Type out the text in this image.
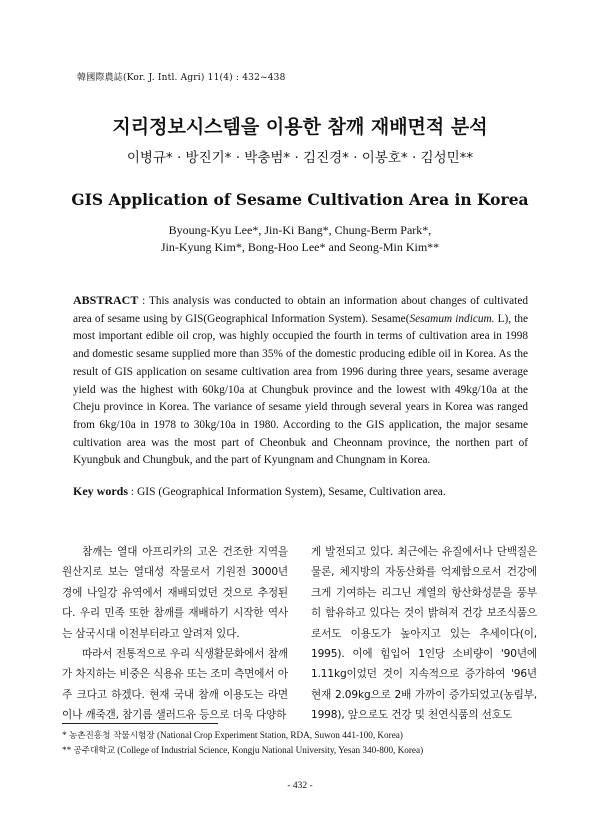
韓國際農誌(Kor. J. Intl. Agri) 11(4) : 432~438
지리정보시스템을 이용한 참깨 재배면적 분석
이병규* · 방진기* · 박충범* · 김진경* · 이봉호* · 김성민**
GIS Application of Sesame Cultivation Area in Korea
Byoung-Kyu Lee*, Jin-Ki Bang*, Chung-Berm Park*,
Jin-Kyung Kim*, Bong-Hoo Lee* and Seong-Min Kim**
ABSTRACT : This analysis was conducted to obtain an information about changes of cultivated area of sesame using by GIS(Geographical Information System). Sesame(Sesamum indicum. L), the most important edible oil crop, was highly occupied the fourth in terms of cultivation area in 1998 and domestic sesame supplied more than 35% of the domestic producing edible oil in Korea. As the result of GIS application on sesame cultivation area from 1996 during three years, sesame average yield was the highest with 60kg/10a at Chungbuk province and the lowest with 49kg/10a at the Cheju province in Korea. The variance of sesame yield through several years in Korea was ranged from 6kg/10a in 1978 to 30kg/10a in 1980. According to the GIS application, the major sesame cultivation area was the most part of Cheonbuk and Cheonnam province, the northen part of Kyungbuk and Chungbuk, and the part of Kyungnam and Chungnam in Korea.
Key words : GIS (Geographical Information System), Sesame, Cultivation area.

참깨는 열대 아프리카의 고온 건조한 지역을 원산지로 보는 열대성 작물로서 기원전 3000년 경에 나일강 유역에서 재배되었던 것으로 추정된다. 우리 민족 또한 참깨를 재배하기 시작한 역사는 삼국시대 이전부터라고 알려져 있다.

따라서 전통적으로 우리 식생활문화에서 참깨가 차지하는 비중은 식용유 또는 조미 측면에서 아주 크다고 하겠다. 현재 국내 참깨 이용도는 라면이나 깨죽갠, 참기름 샐러드유 등으로 더욱 다양하

게 발전되고 있다. 최근에는 유질에서나 단백질은 물론, 체지방의 자동산화를 억제함으로서 건강에 크게 기여하는 리그닌 계열의 항산화성분을 풍부히 함유하고 있다는 것이 밝혀져 건강 보조식품으로서도 이용도가 높아지고 있는 추세이다(이, 1995). 이에 힘입어 1인당 소비량이 '90년에 1.11kg이었던 것이 지속적으로 증가하여 '96년 현재 2.09kg으로 2배 가까이 증가되었고(농림부, 1998), 앞으로도 건강 및 천연식품의 선호도

* 농촌진흥청 작물시험장 (National Crop Experiment Station, RDA, Suwon 441-100, Korea)
** 공주대학교 (College of Industrial Science, Kongju National University, Yesan 340-800, Korea)
- 432 -
